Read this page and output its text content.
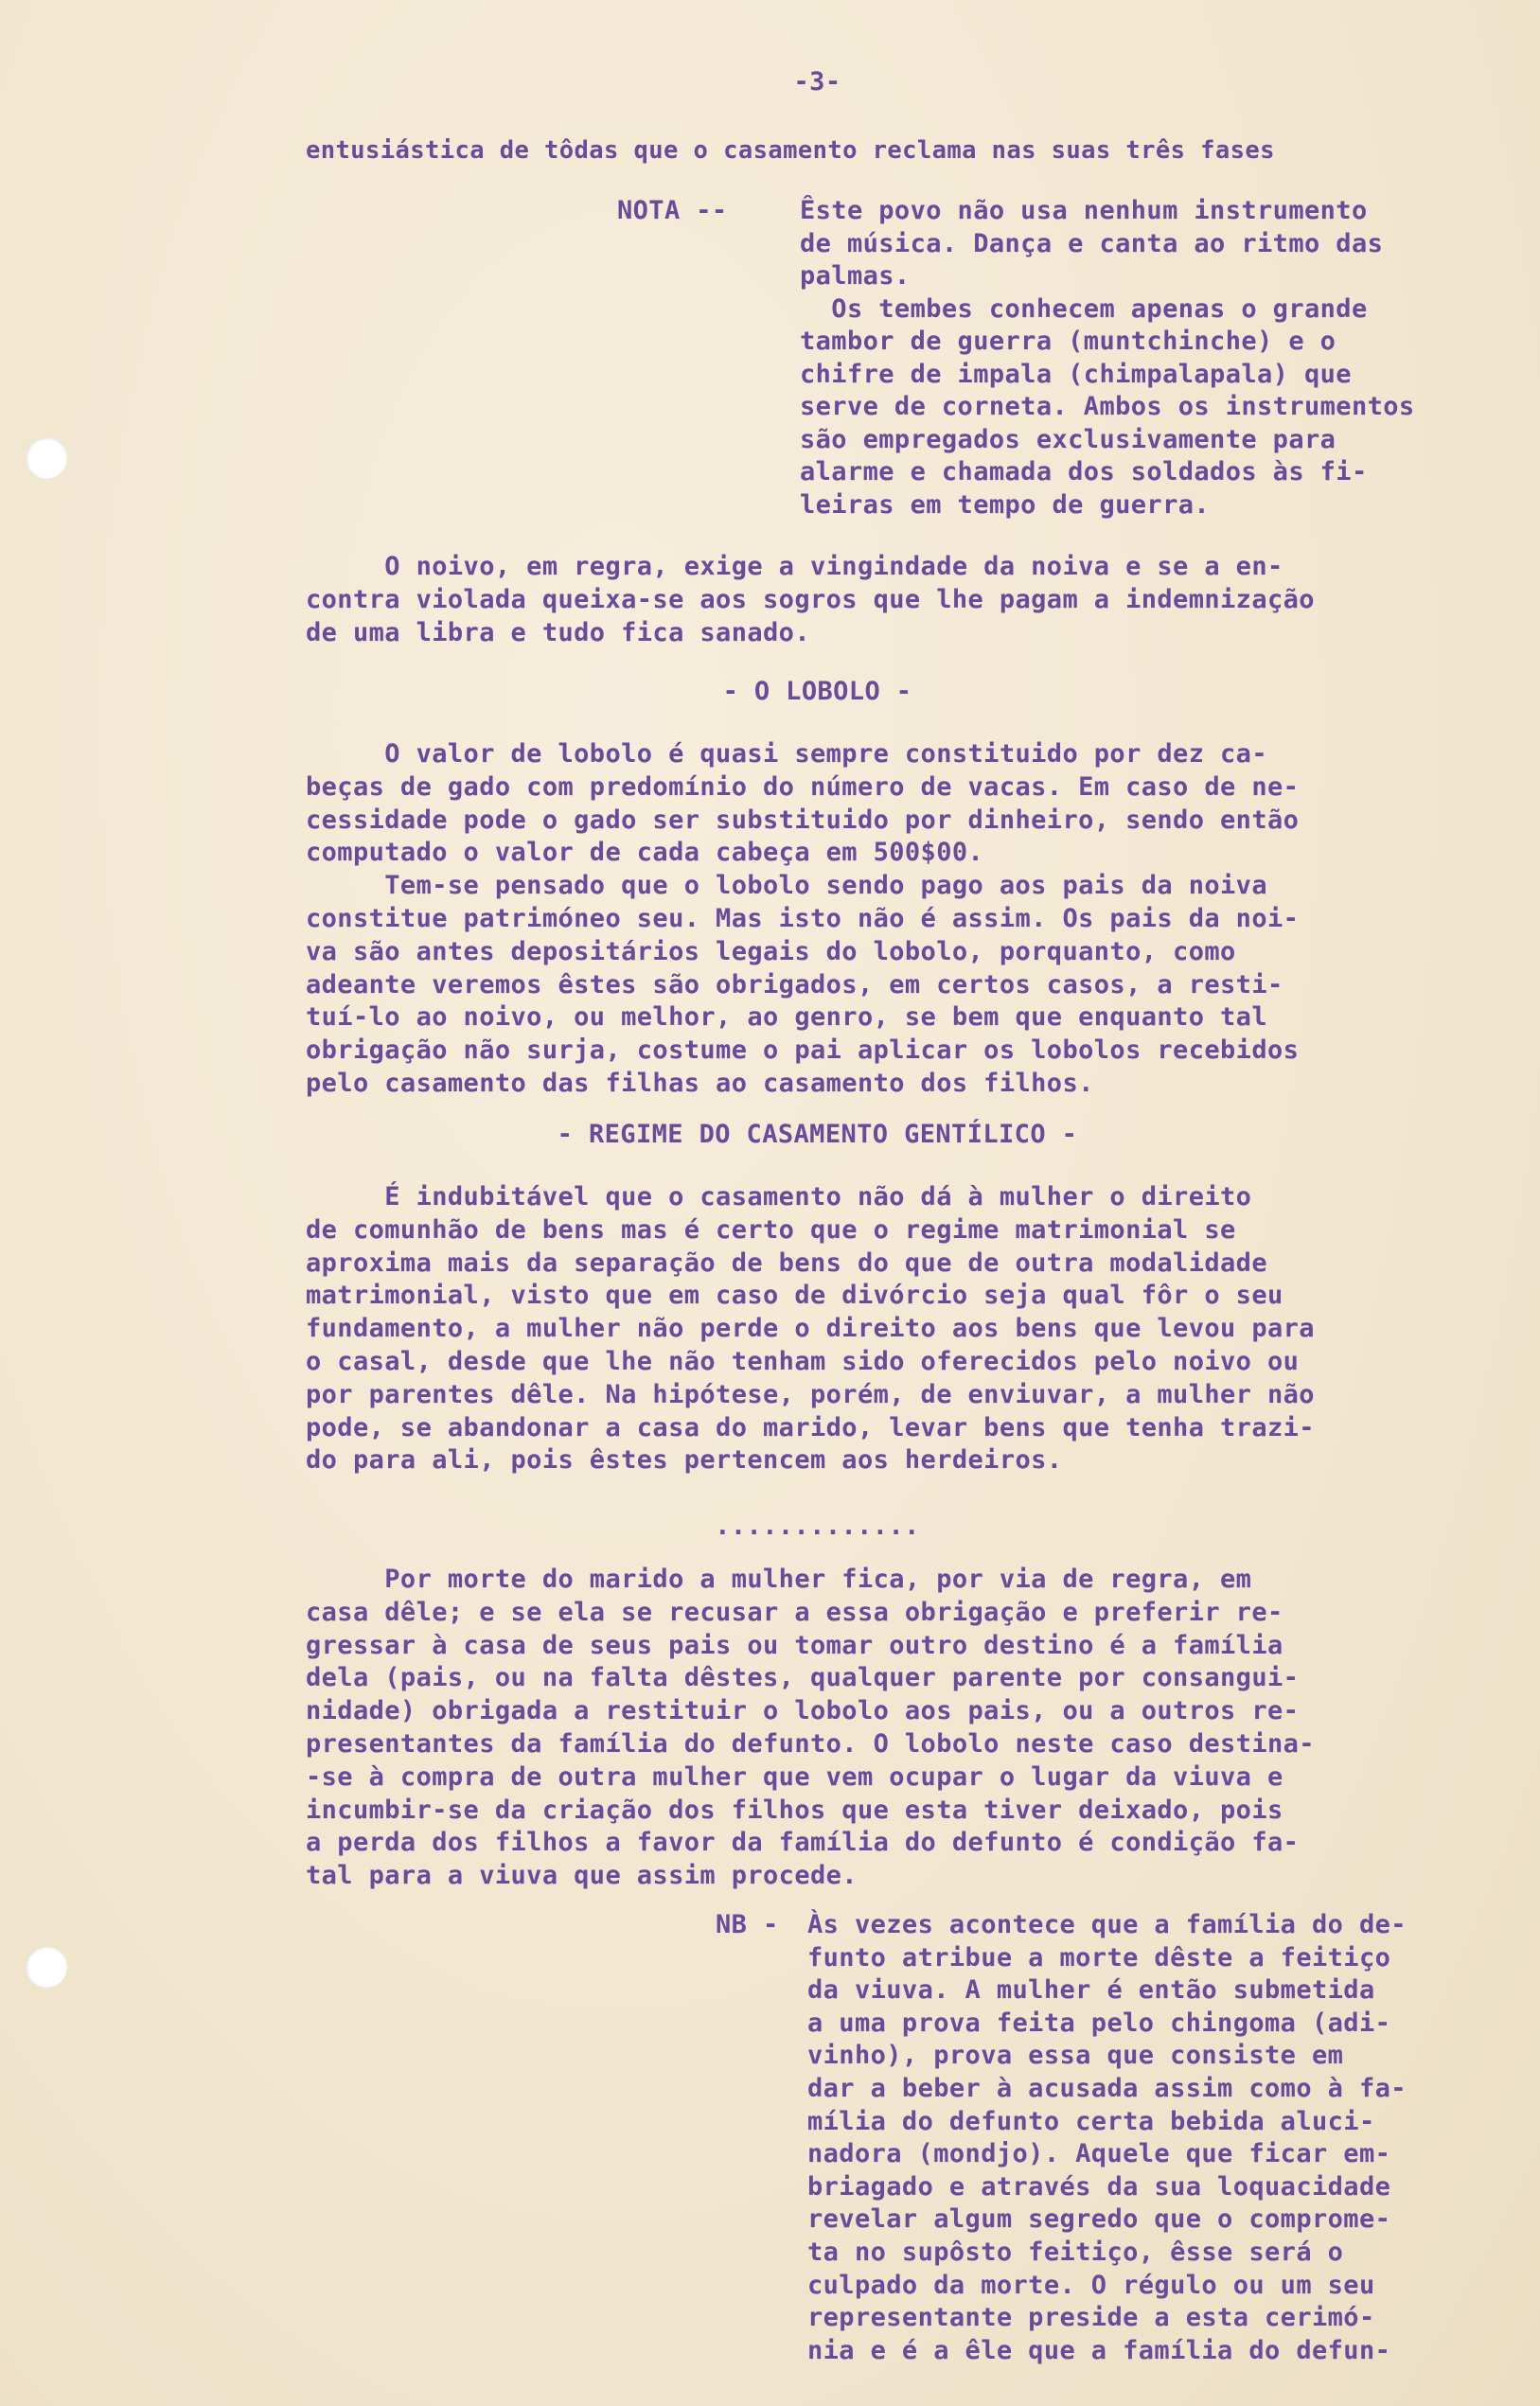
-3-
entusiástica de tôdas que o casamento reclama nas suas três fases
NOTA --	Êste povo não usa nenhum instrumento
de música. Dança e canta ao ritmo das
palmas.
Os tembes conhecem apenas o grande
tambor de guerra (muntchinche) e o
chifre de impala (chimpalapala) que
serve de corneta. Ambos os instrumentos
são empregados exclusivamente para
alarme e chamada dos soldados às fi-
leiras em tempo de guerra.
O noivo, em regra, exige a vingindade da noiva e se a en-
contra violada queixa-se aos sogros que lhe pagam a indemnização
de uma libra e tudo fica sanado.
- O LOBOLO -
O valor de lobolo é quasi sempre constituido por dez ca-
beças de gado com predomínio do número de vacas. Em caso de ne-
cessidade pode o gado ser substituido por dinheiro, sendo então
computado o valor de cada cabeça em 500$00.
Tem-se pensado que o lobolo sendo pago aos pais da noiva
constitue patrimóneo seu. Mas isto não é assim. Os pais da noi-
va são antes depositários legais do lobolo, porquanto, como
adeante veremos êstes são obrigados, em certos casos, a resti-
tuí-lo ao noivo, ou melhor, ao genro, se bem que enquanto tal
obrigação não surja, costume o pai aplicar os lobolos recebidos
pelo casamento das filhas ao casamento dos filhos.
- REGIME DO CASAMENTO GENTÍLICO -
É indubitável que o casamento não dá à mulher o direito
de comunhão de bens mas é certo que o regime matrimonial se
aproxima mais da separação de bens do que de outra modalidade
matrimonial, visto que em caso de divórcio seja qual fôr o seu
fundamento, a mulher não perde o direito aos bens que levou para
o casal, desde que lhe não tenham sido oferecidos pelo noivo ou
por parentes dêle. Na hipótese, porém, de enviuvar, a mulher não
pode, se abandonar a casa do marido, levar bens que tenha trazi-
do para ali, pois êstes pertencem aos herdeiros.
.............
Por morte do marido a mulher fica, por via de regra, em
casa dêle; e se ela se recusar a essa obrigação e preferir re-
gressar à casa de seus pais ou tomar outro destino é a família
dela (pais, ou na falta dêstes, qualquer parente por consangui-
nidade) obrigada a restituir o lobolo aos pais, ou a outros re-
presentantes da família do defunto. O lobolo neste caso destina-
-se à compra de outra mulher que vem ocupar o lugar da viuva e
incumbir-se da criação dos filhos que esta tiver deixado, pois
a perda dos filhos a favor da família do defunto é condição fa-
tal para a viuva que assim procede.
NB - Às vezes acontece que a família do de-
funto atribue a morte dêste a feitiço
da viuva. A mulher é então submetida
a uma prova feita pelo chingoma (adi-
vinho), prova essa que consiste em
dar a beber à acusada assim como à fa-
mília do defunto certa bebida aluci-
nadora (mondjo). Aquele que ficar em-
briagado e através da sua loquacidade
revelar algum segredo que o comprome-
ta no supôsto feitiço, êsse será o
culpado da morte. O régulo ou um seu
representante preside a esta cerimó-
nia e é a êle que a família do defun-
